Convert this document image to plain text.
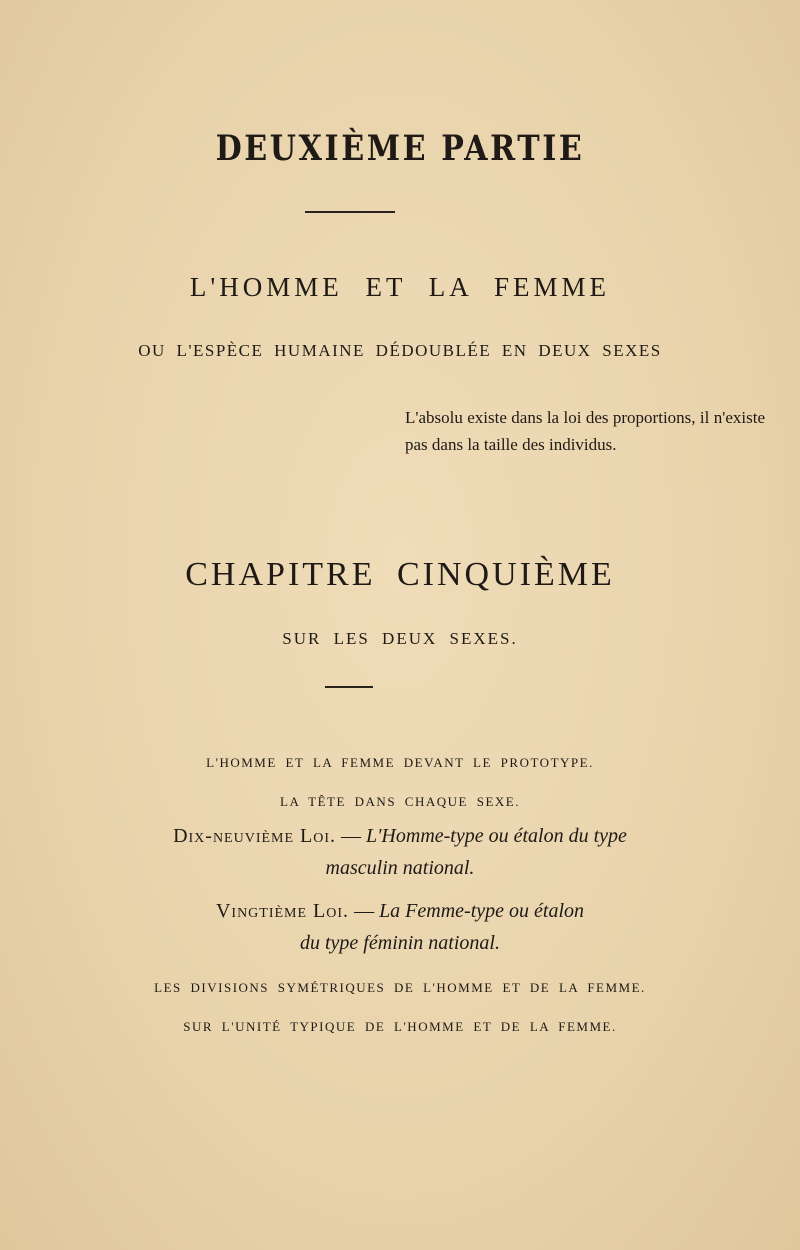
DEUXIÈME PARTIE
L'HOMME ET LA FEMME
OU L'ESPÈCE HUMAINE DÉDOUBLÉE EN DEUX SEXES
L'absolu existe dans la loi des proportions, il n'existe pas dans la taille des individus.
CHAPITRE CINQUIÈME
SUR LES DEUX SEXES.
L'HOMME ET LA FEMME DEVANT LE PROTOTYPE.
LA TÊTE DANS CHAQUE SEXE.
Dix-neuvième Loi. — L'Homme-type ou étalon du type
masculin national.
Vingtième Loi. — La Femme-type ou étalon
du type féminin national.
LES DIVISIONS SYMÉTRIQUES DE L'HOMME ET DE LA FEMME.
SUR L'UNITÉ TYPIQUE DE L'HOMME ET DE LA FEMME.
